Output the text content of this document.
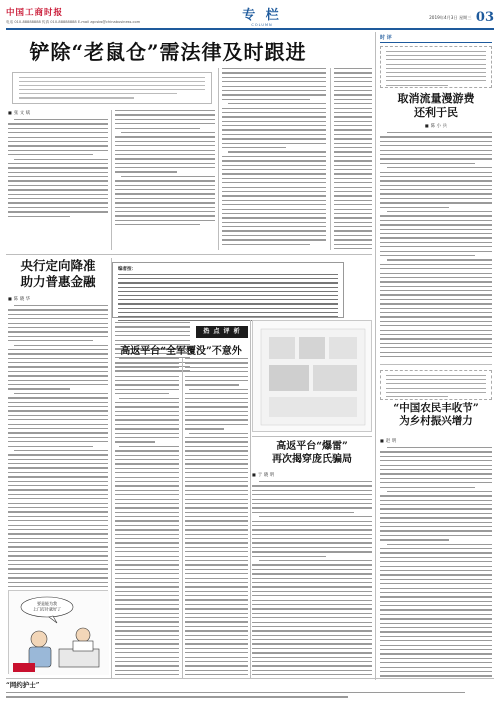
中国工商时报
电话 010-88888888 传真 010-88888888 E-mail zgcsbs@chinabusiness.com	专 栏
COLUMN
2019年4月3日 星期三 03
铲除“老鼠仓”需法律及时跟进
■ 张 文 斌
时 评
取消流量漫游费
还利于民
■ 陈 小 兵
“中国农民丰收节”
为乡村振兴增力
■ 赵 明
央行定向降准
助力普惠金融
■ 陈 晓 华
编者按：
热 点 评 析
高返平台“爆雷”
再次揭穿庞氏骗局
■ 于 晓 明
高返平台“全军覆没”不意外
要是能为我
上门打针就好了
“网约护士”
